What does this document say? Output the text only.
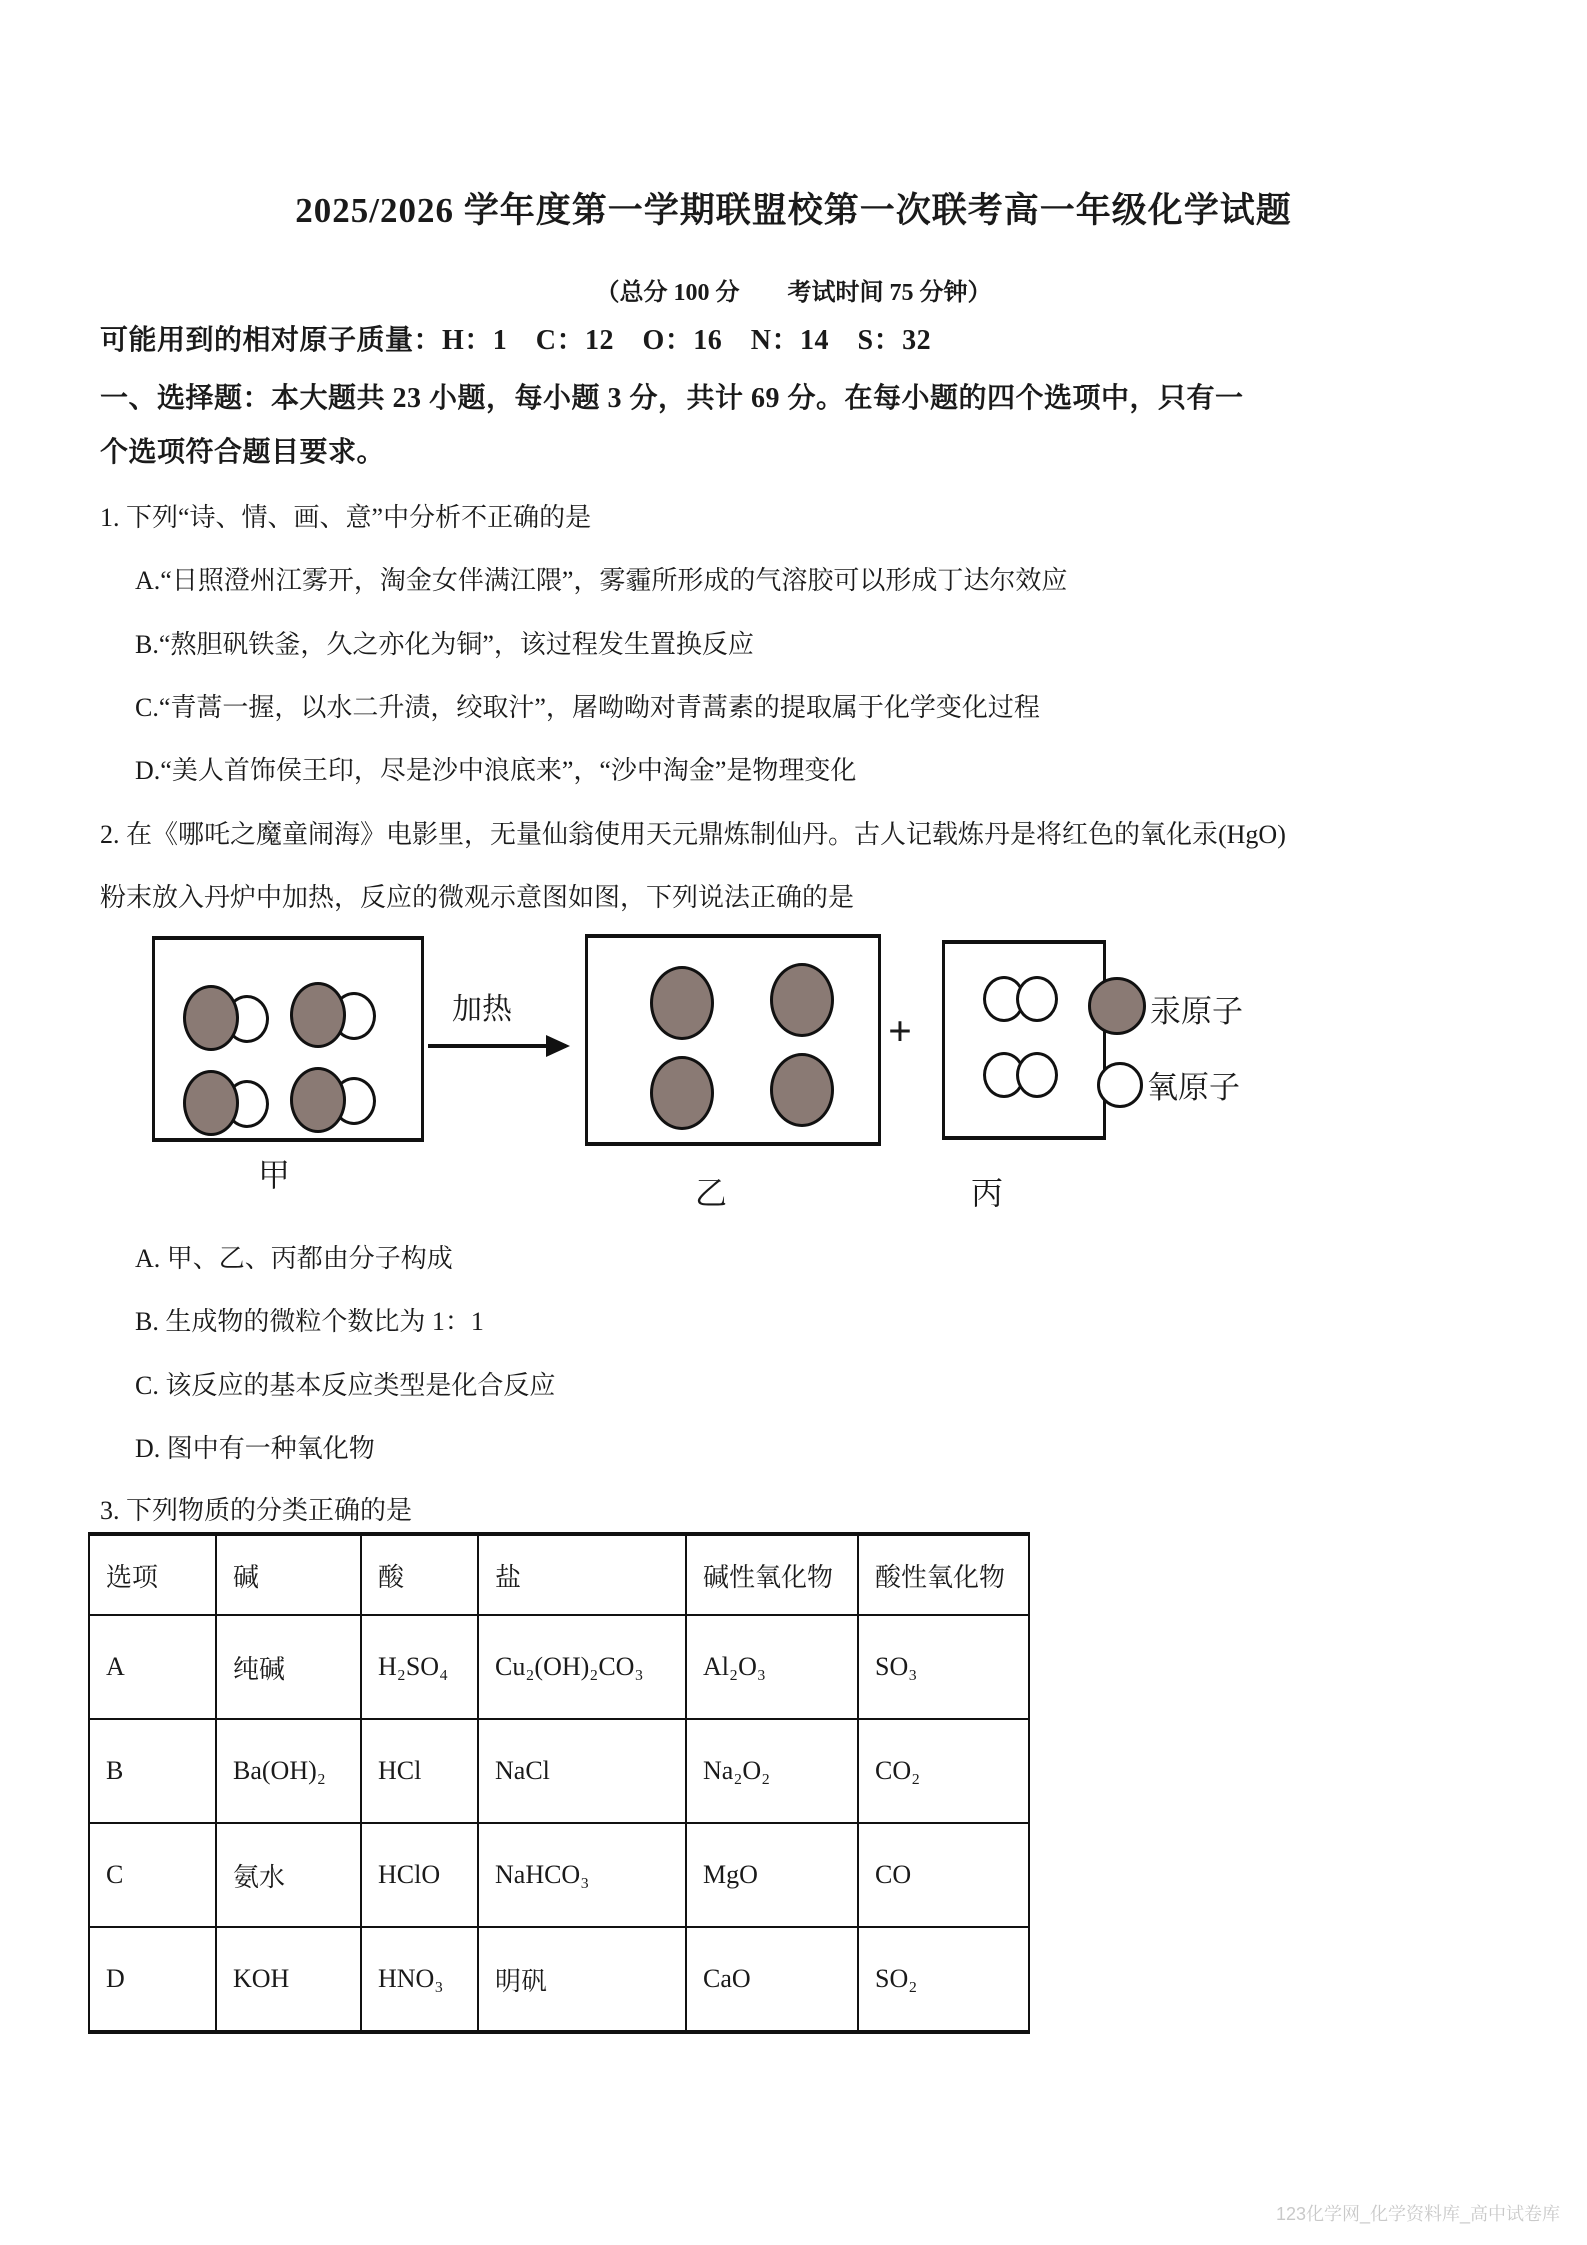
2025/2026 学年度第一学期联盟校第一次联考高一年级化学试题
（总分 100 分　　考试时间 75 分钟）
可能用到的相对原子质量：H：1　C：12　O：16　N：14　S：32
一、选择题：本大题共 23 小题，每小题 3 分，共计 69 分。在每小题的四个选项中，只有一
个选项符合题目要求。
1. 下列“诗、情、画、意”中分析不正确的是
A.“日照澄州江雾开，淘金女伴满江隈”，雾霾所形成的气溶胶可以形成丁达尔效应
B.“熬胆矾铁釜，久之亦化为铜”，该过程发生置换反应
C.“青蒿一握，以水二升渍，绞取汁”，屠呦呦对青蒿素的提取属于化学变化过程
D.“美人首饰侯王印，尽是沙中浪底来”，“沙中淘金”是物理变化
2. 在《哪吒之魔童闹海》电影里，无量仙翁使用天元鼎炼制仙丹。古人记载炼丹是将红色的氧化汞(HgO)
粉末放入丹炉中加热，反应的微观示意图如图，下列说法正确的是
加热	+	汞原子
氧原子
甲	乙	丙
A. 甲、乙、丙都由分子构成
B. 生成物的微粒个数比为 1：1
C. 该反应的基本反应类型是化合反应
D. 图中有一种氧化物
3. 下列物质的分类正确的是
选项	碱	酸	盐	碱性氧化物	酸性氧化物
A	纯碱	H₂SO₄	Cu₂(OH)₂CO₃	Al₂O₃	SO₃
B	Ba(OH)₂	HCl	NaCl	Na₂O₂	CO₂
C	氨水	HClO	NaHCO₃	MgO	CO
D	KOH	HNO₃	明矾	CaO	SO₂
123化学网_化学资料库_高中试卷库
